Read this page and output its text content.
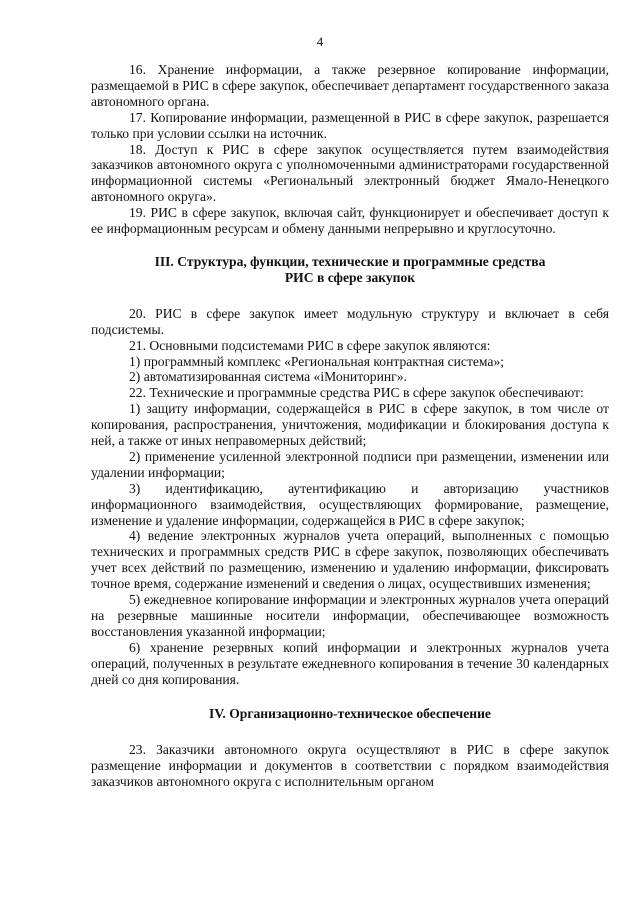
4

16. Хранение информации, а также резервное копирование информации, размещаемой в РИС в сфере закупок, обеспечивает департамент государственного заказа автономного органа.

17. Копирование информации, размещенной в РИС в сфере закупок, разрешается только при условии ссылки на источник.

18. Доступ к РИС в сфере закупок осуществляется путем взаимодействия заказчиков автономного округа с уполномоченными администраторами государственной информационной системы «Региональный электронный бюджет Ямало-Ненецкого автономного округа».

19. РИС в сфере закупок, включая сайт, функционирует и обеспечивает доступ к ее информационным ресурсам и обмену данными непрерывно и круглосуточно.

III. Структура, функции, технические и программные средства
РИС в сфере закупок

20. РИС в сфере закупок имеет модульную структуру и включает в себя подсистемы.

21. Основными подсистемами РИС в сфере закупок являются:

1) программный комплекс «Региональная контрактная система»;

2) автоматизированная система «iМониторинг».

22. Технические и программные средства РИС в сфере закупок обеспечивают:

1) защиту информации, содержащейся в РИС в сфере закупок, в том числе от копирования, распространения, уничтожения, модификации и блокирования доступа к ней, а также от иных неправомерных действий;

2) применение усиленной электронной подписи при размещении, изменении или удалении информации;

3) идентификацию, аутентификацию и авторизацию участников информационного взаимодействия, осуществляющих формирование, размещение, изменение и удаление информации, содержащейся в РИС в сфере закупок;

4) ведение электронных журналов учета операций, выполненных с помощью технических и программных средств РИС в сфере закупок, позволяющих обеспечивать учет всех действий по размещению, изменению и удалению информации, фиксировать точное время, содержание изменений и сведения о лицах, осуществивших изменения;

5) ежедневное копирование информации и электронных журналов учета операций на резервные машинные носители информации, обеспечивающее возможность восстановления указанной информации;

6) хранение резервных копий информации и электронных журналов учета операций, полученных в результате ежедневного копирования в течение 30 календарных дней со дня копирования.

IV. Организационно-техническое обеспечение

23. Заказчики автономного округа осуществляют в РИС в сфере закупок размещение информации и документов в соответствии с порядком взаимодействия заказчиков автономного округа с исполнительным органом
